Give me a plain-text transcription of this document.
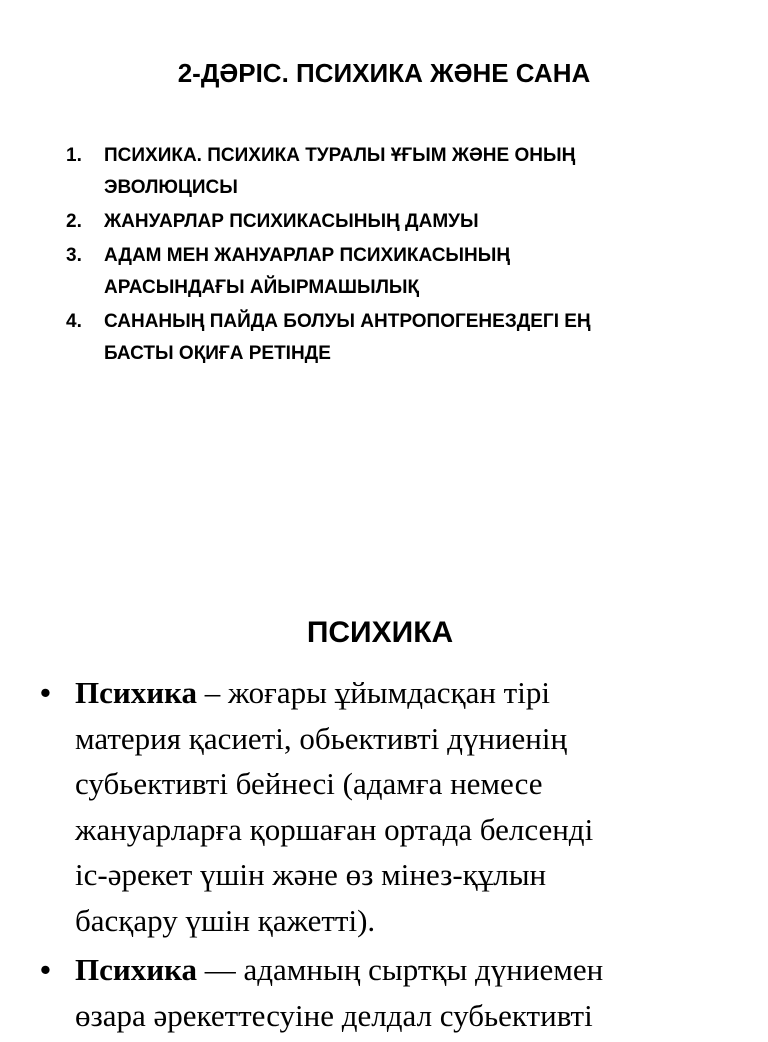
2-ДӘРІС. ПСИХИКА ЖӘНЕ САНА
1. ПСИХИКА. ПСИХИКА ТУРАЛЫ ҰҒЫМ ЖӘНЕ ОНЫҢ
ЭВОЛЮЦИСЫ
2. ЖАНУАРЛАР ПСИХИКАСЫНЫҢ ДАМУЫ
3. АДАМ МЕН ЖАНУАРЛАР ПСИХИКАСЫНЫҢ
АРАСЫНДАҒЫ АЙЫРМАШЫЛЫҚ
4. САНАНЫҢ ПАЙДА БОЛУЫ АНТРОПОГЕНЕЗДЕГІ ЕҢ
БАСТЫ ОҚИҒА РЕТІНДЕ
ПСИХИКА
• Психика – жоғары ұйымдасқан тірі
материя қасиеті, обьективті дүниенің
субьективті бейнесі (адамға немесе
жануарларға қоршаған ортада белсенді
іс-әрекет үшін және өз мінез-құлын
басқару үшін қажетті).
• Психика — адамның сыртқы дүниемен
өзара әрекеттесуіне делдал субьективті
